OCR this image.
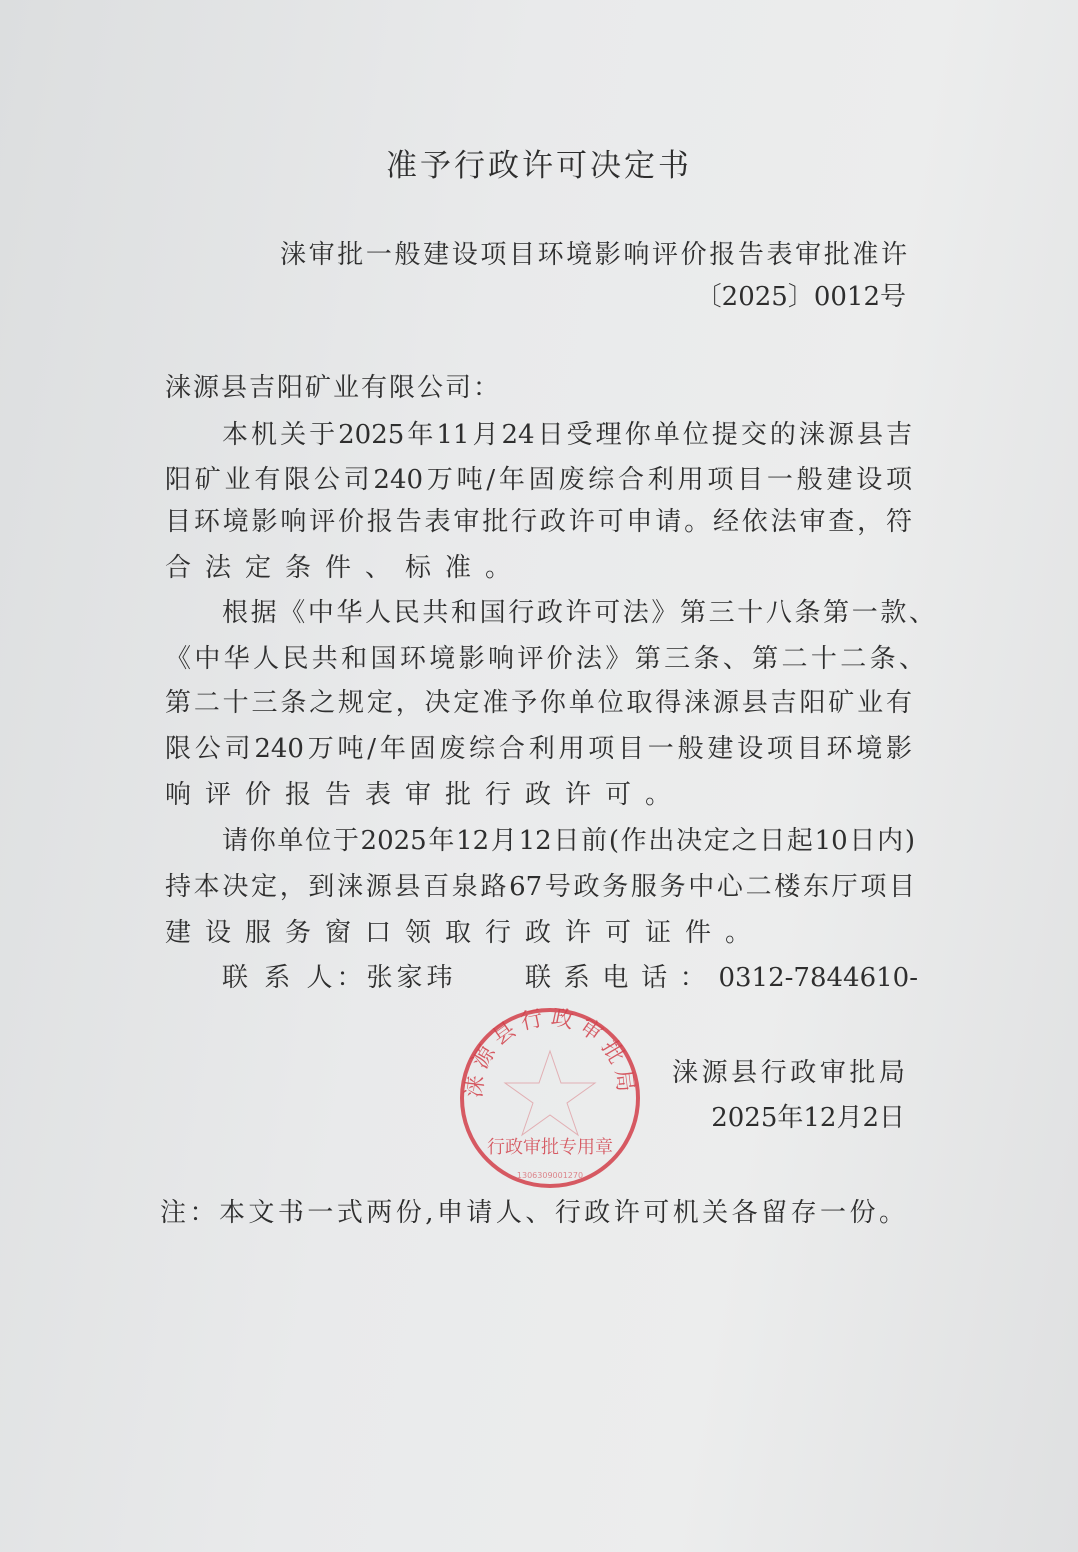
准予行政许可决定书
涞审批一般建设项目环境影响评价报告表审批准许
〔2025〕0012号
涞源县吉阳矿业有限公司：
本机关于2025年11月24日受理你单位提交的涞源县吉
阳矿业有限公司240万吨/年固废综合利用项目一般建设项
目环境影响评价报告表审批行政许可申请。经依法审查，符
合法定条件、标准。
根据《中华人民共和国行政许可法》第三十八条第一款、
《中华人民共和国环境影响评价法》第三条、第二十二条、
第二十三条之规定，决定准予你单位取得涞源县吉阳矿业有
限公司240万吨/年固废综合利用项目一般建设项目环境影
响评价报告表审批行政许可。
请你单位于2025年12月12日前(作出决定之日起10日内)
持本决定，到涞源县百泉路67号政务服务中心二楼东厅项目
建设服务窗口领取行政许可证件。
联 系 人：张家玮	联系电话：0312-7844610-
行政审批专用章
1306309001270
涞源县行政审批局 涞源县行政审批局
2025年12月2日
注：本文书一式两份,申请人、行政许可机关各留存一份。
